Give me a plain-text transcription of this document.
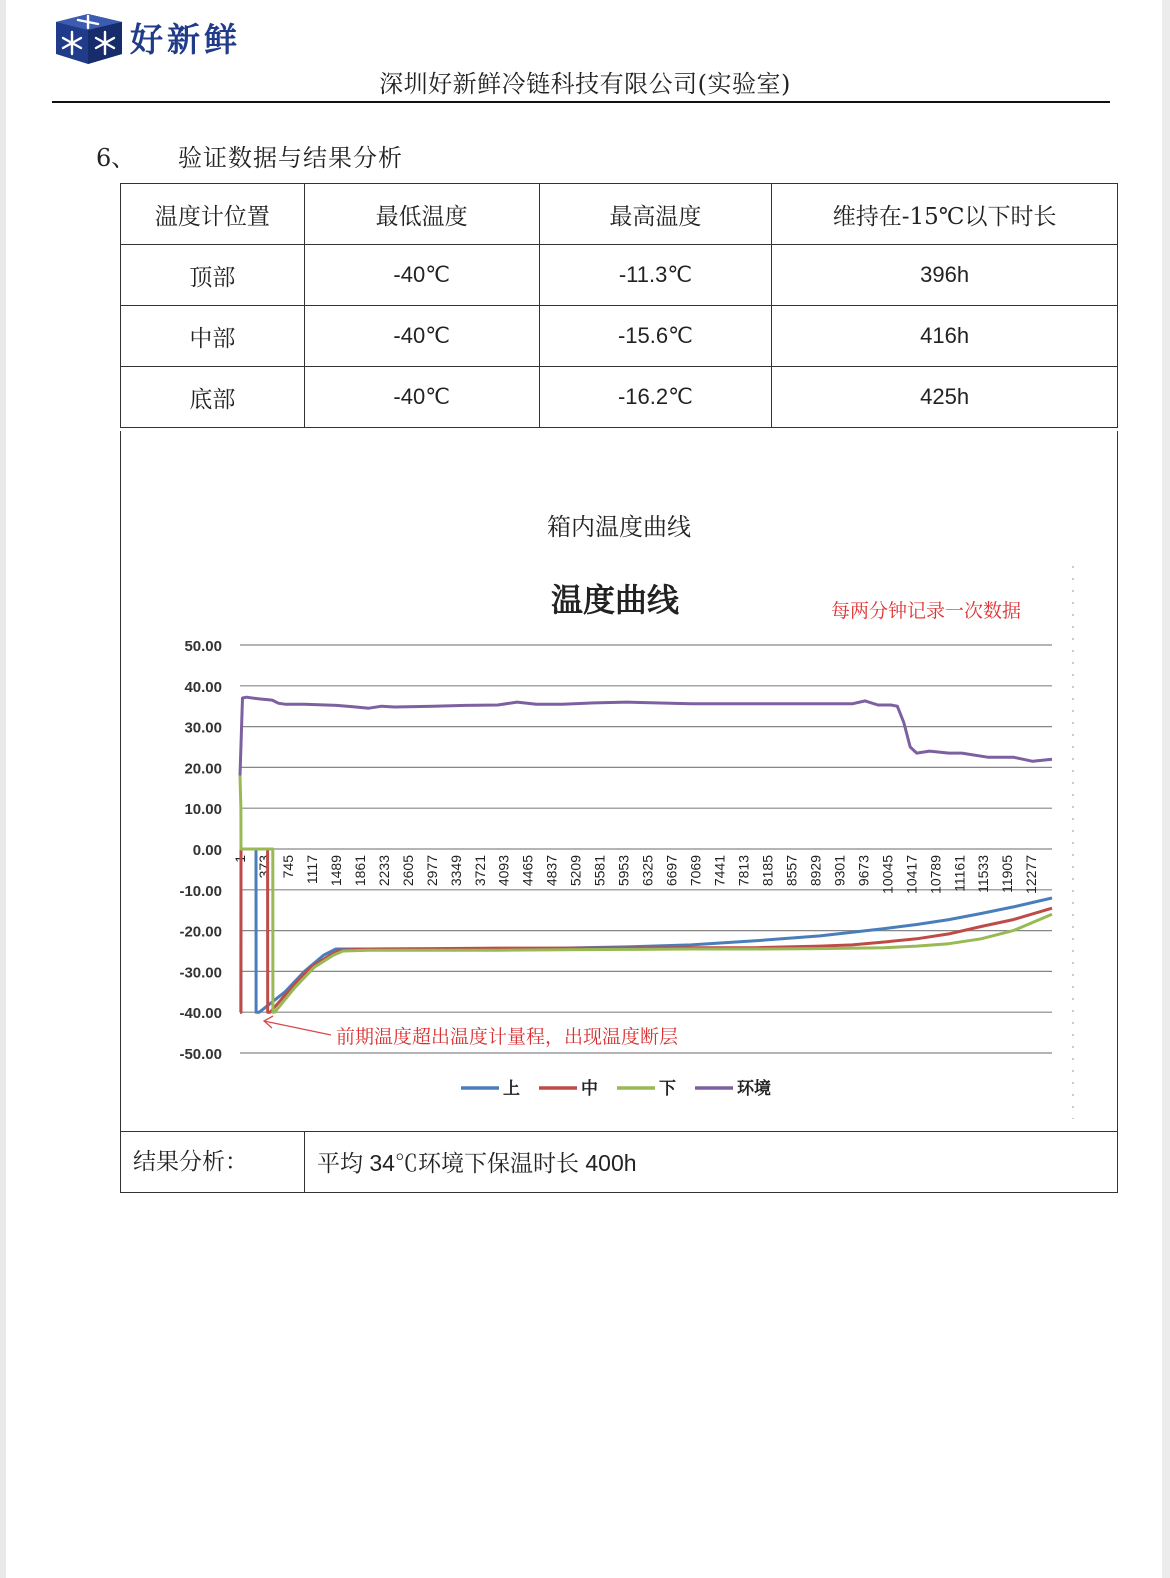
好新鲜
深圳好新鲜冷链科技有限公司(实验室)
6、 验证数据与结果分析
温度计位置	最低温度	最高温度	维持在-15℃以下时长
顶部	-40℃	-11.3℃	396h
中部	-40℃	-15.6℃	416h
底部	-40℃	-16.2℃	425h
箱内温度曲线
温度曲线	每两分钟记录一次数据
50.00
40.00
30.00
20.00
10.00
0.00
-10.00
-20.00
-30.00
-40.00
-50.00
1 373 745 1117 1489 1861 2233 2605 2977 3349 3721 4093 4465 4837 5209 5581 5953 6325 6697 7069 7441 7813 8185 8557 8929 9301 9673 10045 10417 10789 11161 11533 11905 12277
前期温度超出温度计量程，出现温度断层
上	中	下	环境
结果分析：	平均 34℃环境下保温时长 400h
